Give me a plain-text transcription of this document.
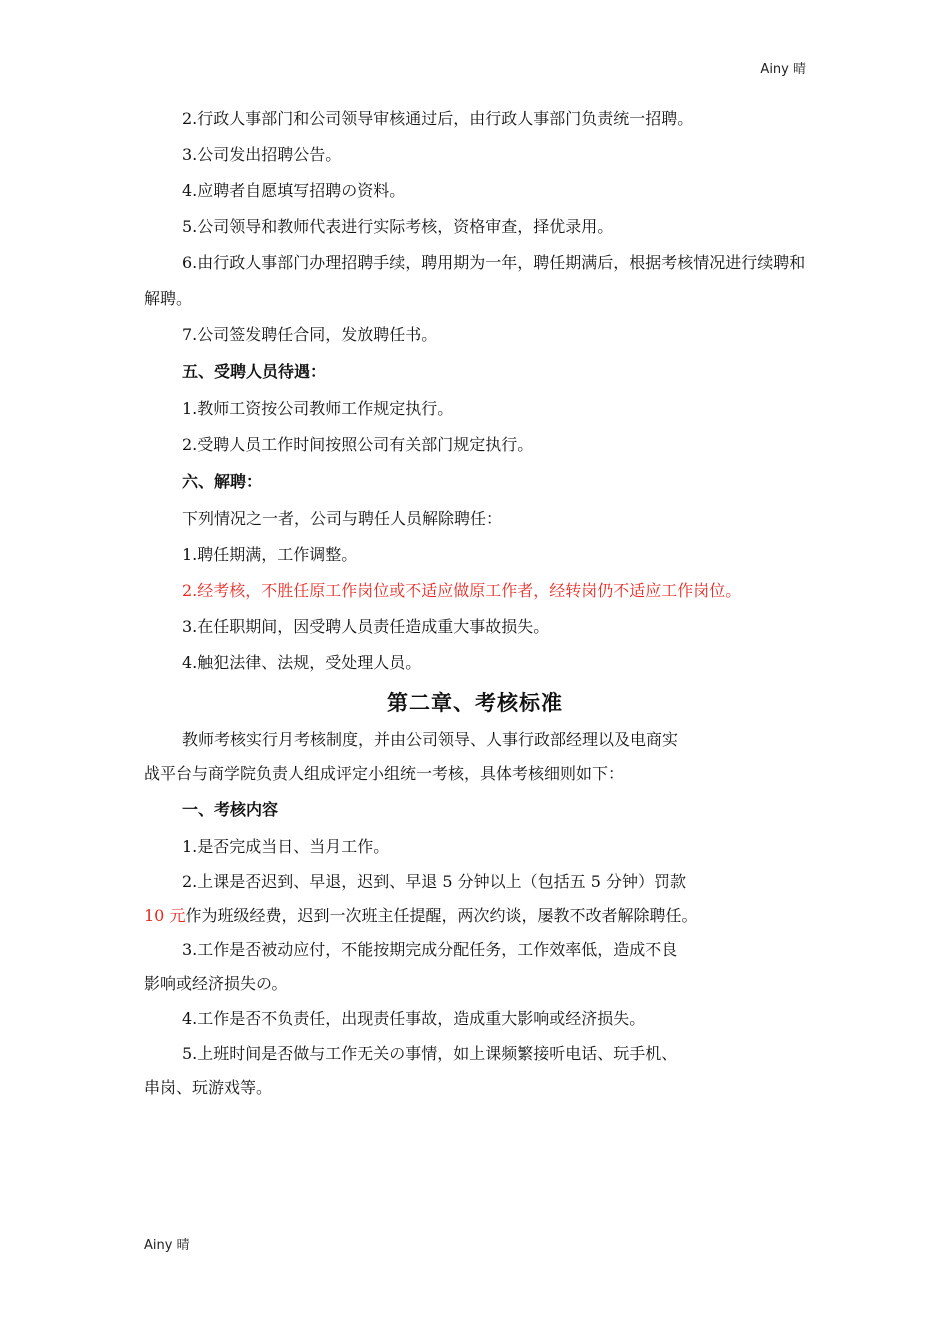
Ainy 晴

2.行政人事部门和公司领导审核通过后，由行政人事部门负责统一招聘。

3.公司发出招聘公告。

4.应聘者自愿填写招聘の资料。

5.公司领导和教师代表进行实际考核，资格审查，择优录用。

6.由行政人事部门办理招聘手续，聘用期为一年，聘任期满后，根据考核情况进行续聘和解聘。

7.公司签发聘任合同，发放聘任书。

五、受聘人员待遇：

1.教师工资按公司教师工作规定执行。

2.受聘人员工作时间按照公司有关部门规定执行。

六、解聘：

下列情况之一者，公司与聘任人员解除聘任：

1.聘任期满，工作调整。

2.经考核，不胜任原工作岗位或不适应做原工作者，经转岗仍不适应工作岗位。

3.在任职期间，因受聘人员责任造成重大事故损失。

4.触犯法律、法规，受处理人员。

第二章、考核标准
教师考核实行月考核制度，并由公司领导、人事行政部经理以及电商实
战平台与商学院负责人组成评定小组统一考核，具体考核细则如下：

一、考核内容

1.是否完成当日、当月工作。

2.上课是否迟到、早退，迟到、早退 5 分钟以上（包括五 5 分钟）罚款
10 元作为班级经费，迟到一次班主任提醒，两次约谈，屡教不改者解除聘任。
3.工作是否被动应付，不能按期完成分配任务，工作效率低，造成不良
影响或经济损失の。

4.工作是否不负责任，出现责任事故，造成重大影响或经济损失。

5.上班时间是否做与工作无关の事情，如上课频繁接听电话、玩手机、
串岗、玩游戏等。
Ainy 晴
